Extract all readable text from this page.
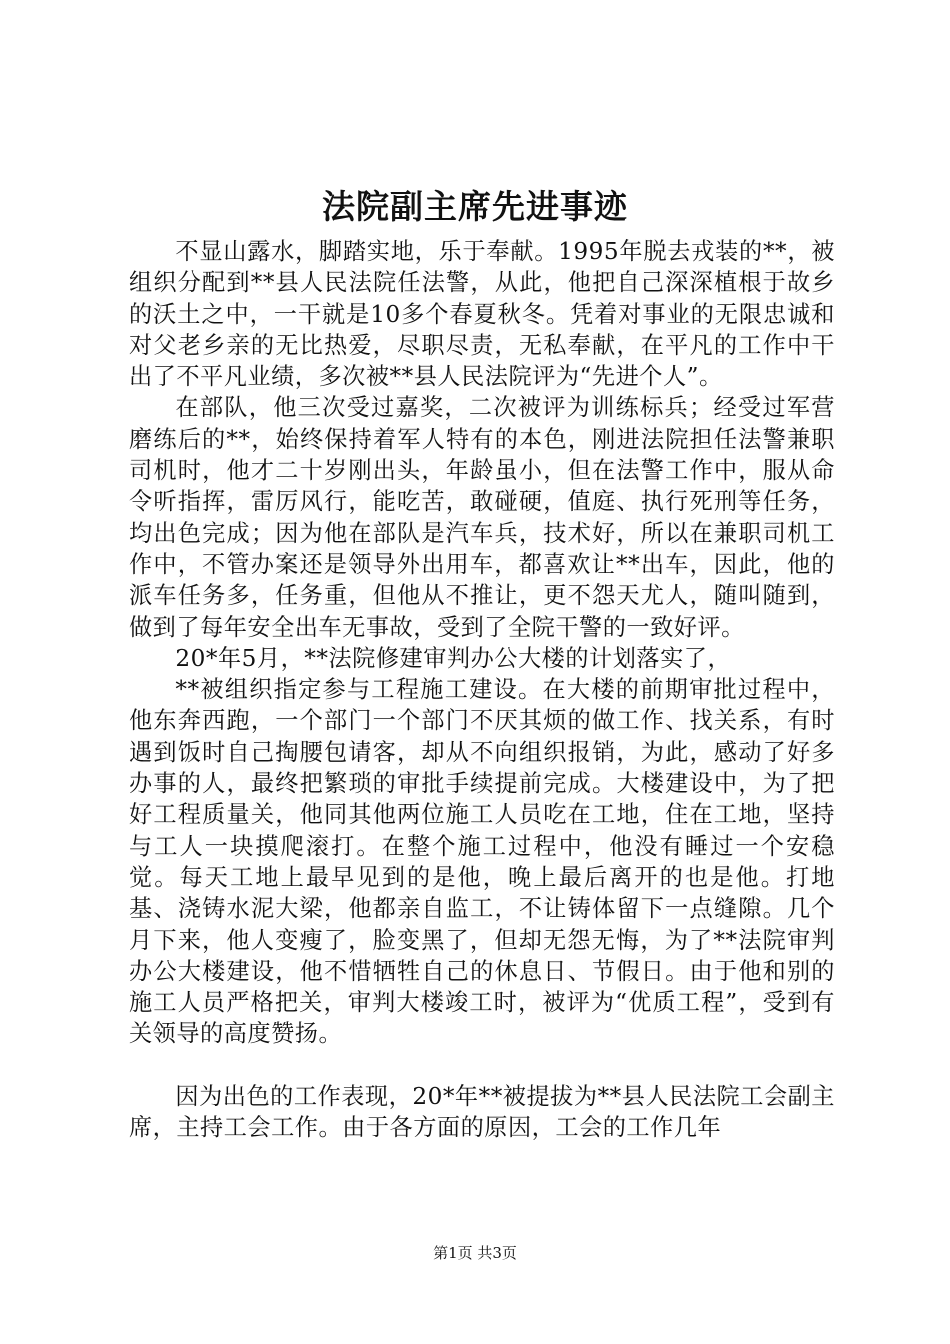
法院副主席先进事迹

不显山露水，脚踏实地，乐于奉献。1995年脱去戎装的**，被组织分配到**县人民法院任法警，从此，他把自己深深植根于故乡的沃土之中，一干就是10多个春夏秋冬。凭着对事业的无限忠诚和对父老乡亲的无比热爱，尽职尽责，无私奉献，在平凡的工作中干出了不平凡业绩，多次被**县人民法院评为“先进个人”。

在部队，他三次受过嘉奖，二次被评为训练标兵；经受过军营磨练后的**，始终保持着军人特有的本色，刚进法院担任法警兼职司机时，他才二十岁刚出头，年龄虽小，但在法警工作中，服从命令听指挥，雷厉风行，能吃苦，敢碰硬，值庭、执行死刑等任务，均出色完成；因为他在部队是汽车兵，技术好，所以在兼职司机工作中，不管办案还是领导外出用车，都喜欢让**出车，因此，他的派车任务多，任务重，但他从不推让，更不怨天尤人，随叫随到，做到了每年安全出车无事故，受到了全院干警的一致好评。

20*年5月，**法院修建审判办公大楼的计划落实了，

**被组织指定参与工程施工建设。在大楼的前期审批过程中，他东奔西跑，一个部门一个部门不厌其烦的做工作、找关系，有时遇到饭时自己掏腰包请客，却从不向组织报销，为此，感动了好多办事的人，最终把繁琐的审批手续提前完成。大楼建设中，为了把好工程质量关，他同其他两位施工人员吃在工地，住在工地，坚持与工人一块摸爬滚打。在整个施工过程中，他没有睡过一个安稳觉。每天工地上最早见到的是他，晚上最后离开的也是他。打地基、浇铸水泥大梁，他都亲自监工，不让铸体留下一点缝隙。几个月下来，他人变瘦了，脸变黑了，但却无怨无悔，为了**法院审判办公大楼建设，他不惜牺牲自己的休息日、节假日。由于他和别的施工人员严格把关，审判大楼竣工时，被评为“优质工程”，受到有关领导的高度赞扬。

因为出色的工作表现，20*年**被提拔为**县人民法院工会副主席，主持工会工作。由于各方面的原因，工会的工作几年

第1页 共3页
